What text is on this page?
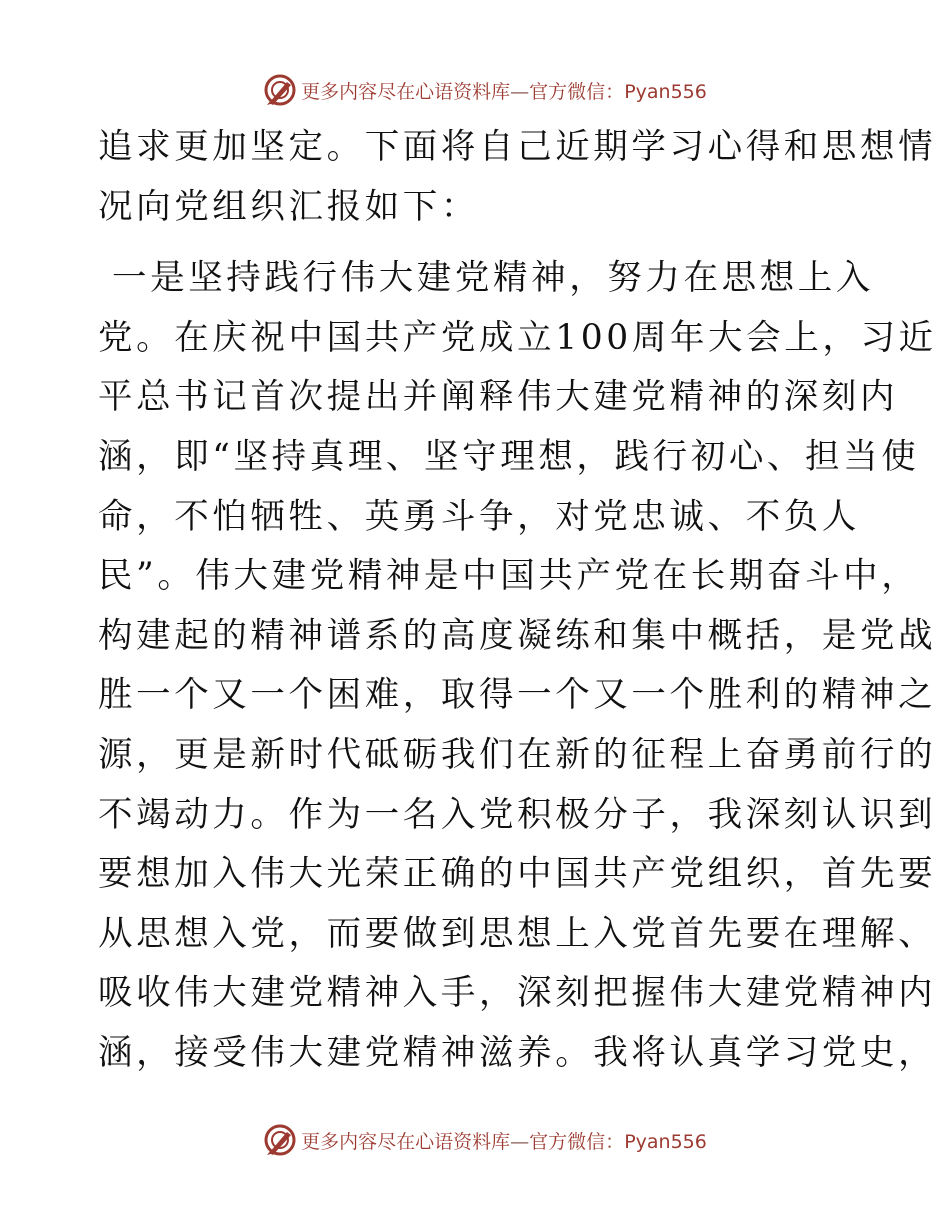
更多内容尽在心语资料库—官方微信：Pyan556
追求更加坚定。下面将自己近期学习心得和思想情
况向党组织汇报如下：
一是坚持践行伟大建党精神，努力在思想上入
党。在庆祝中国共产党成立100周年大会上，习近
平总书记首次提出并阐释伟大建党精神的深刻内
涵，即“坚持真理、坚守理想，践行初心、担当使
命，不怕牺牲、英勇斗争，对党忠诚、不负人
民”。伟大建党精神是中国共产党在长期奋斗中，
构建起的精神谱系的高度凝练和集中概括，是党战
胜一个又一个困难，取得一个又一个胜利的精神之
源，更是新时代砥砺我们在新的征程上奋勇前行的
不竭动力。作为一名入党积极分子，我深刻认识到
要想加入伟大光荣正确的中国共产党组织，首先要
从思想入党，而要做到思想上入党首先要在理解、
吸收伟大建党精神入手，深刻把握伟大建党精神内
涵，接受伟大建党精神滋养。我将认真学习党史，
更多内容尽在心语资料库—官方微信：Pyan556
